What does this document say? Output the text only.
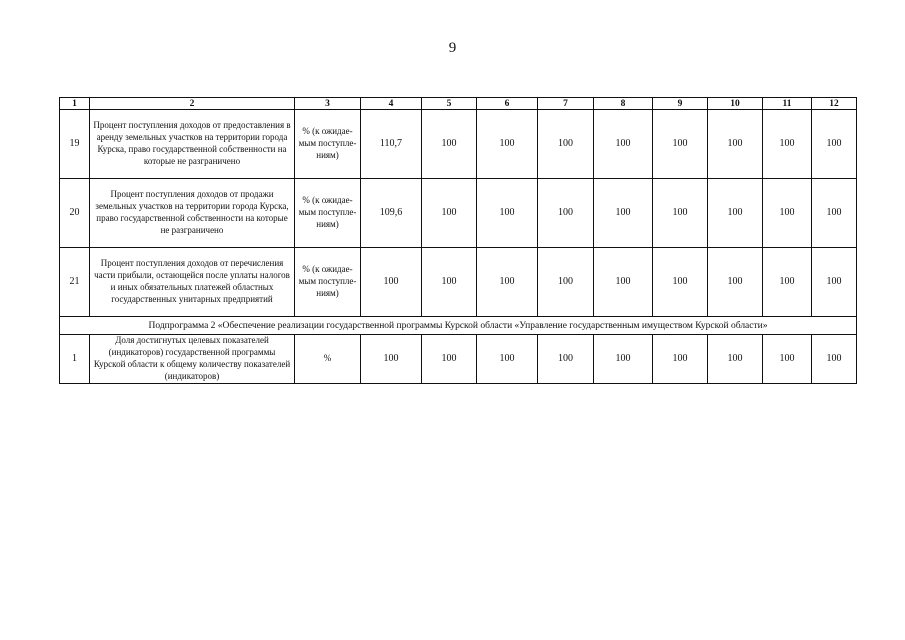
9
1	2	3	4	5	6	7	8	9	10	11	12
19	Процент поступления доходов от предоставления в аренду земельных участков на территории города Курска, право государственной собственности на которые не разграничено	% (к ожидае-мым поступле-ниям)	110,7	100	100	100	100	100	100	100	100
20	Процент поступления доходов от продажи земельных участков на территории города Курска, право государственной собственности на которые не разграничено	% (к ожидае-мым поступле-ниям)	109,6	100	100	100	100	100	100	100	100
21	Процент поступления доходов от перечисления части прибыли, остающейся после уплаты налогов и иных обязательных платежей областных государственных унитарных предприятий	% (к ожидае-мым поступле-ниям)	100	100	100	100	100	100	100	100	100
Подпрограмма 2 «Обеспечение реализации государственной программы Курской области «Управление государственным имуществом Курской области»											
1	Доля достигнутых целевых показателей (индикаторов) государственной программы Курской области к общему количеству показателей (индикаторов)	%	100	100	100	100	100	100	100	100	100
